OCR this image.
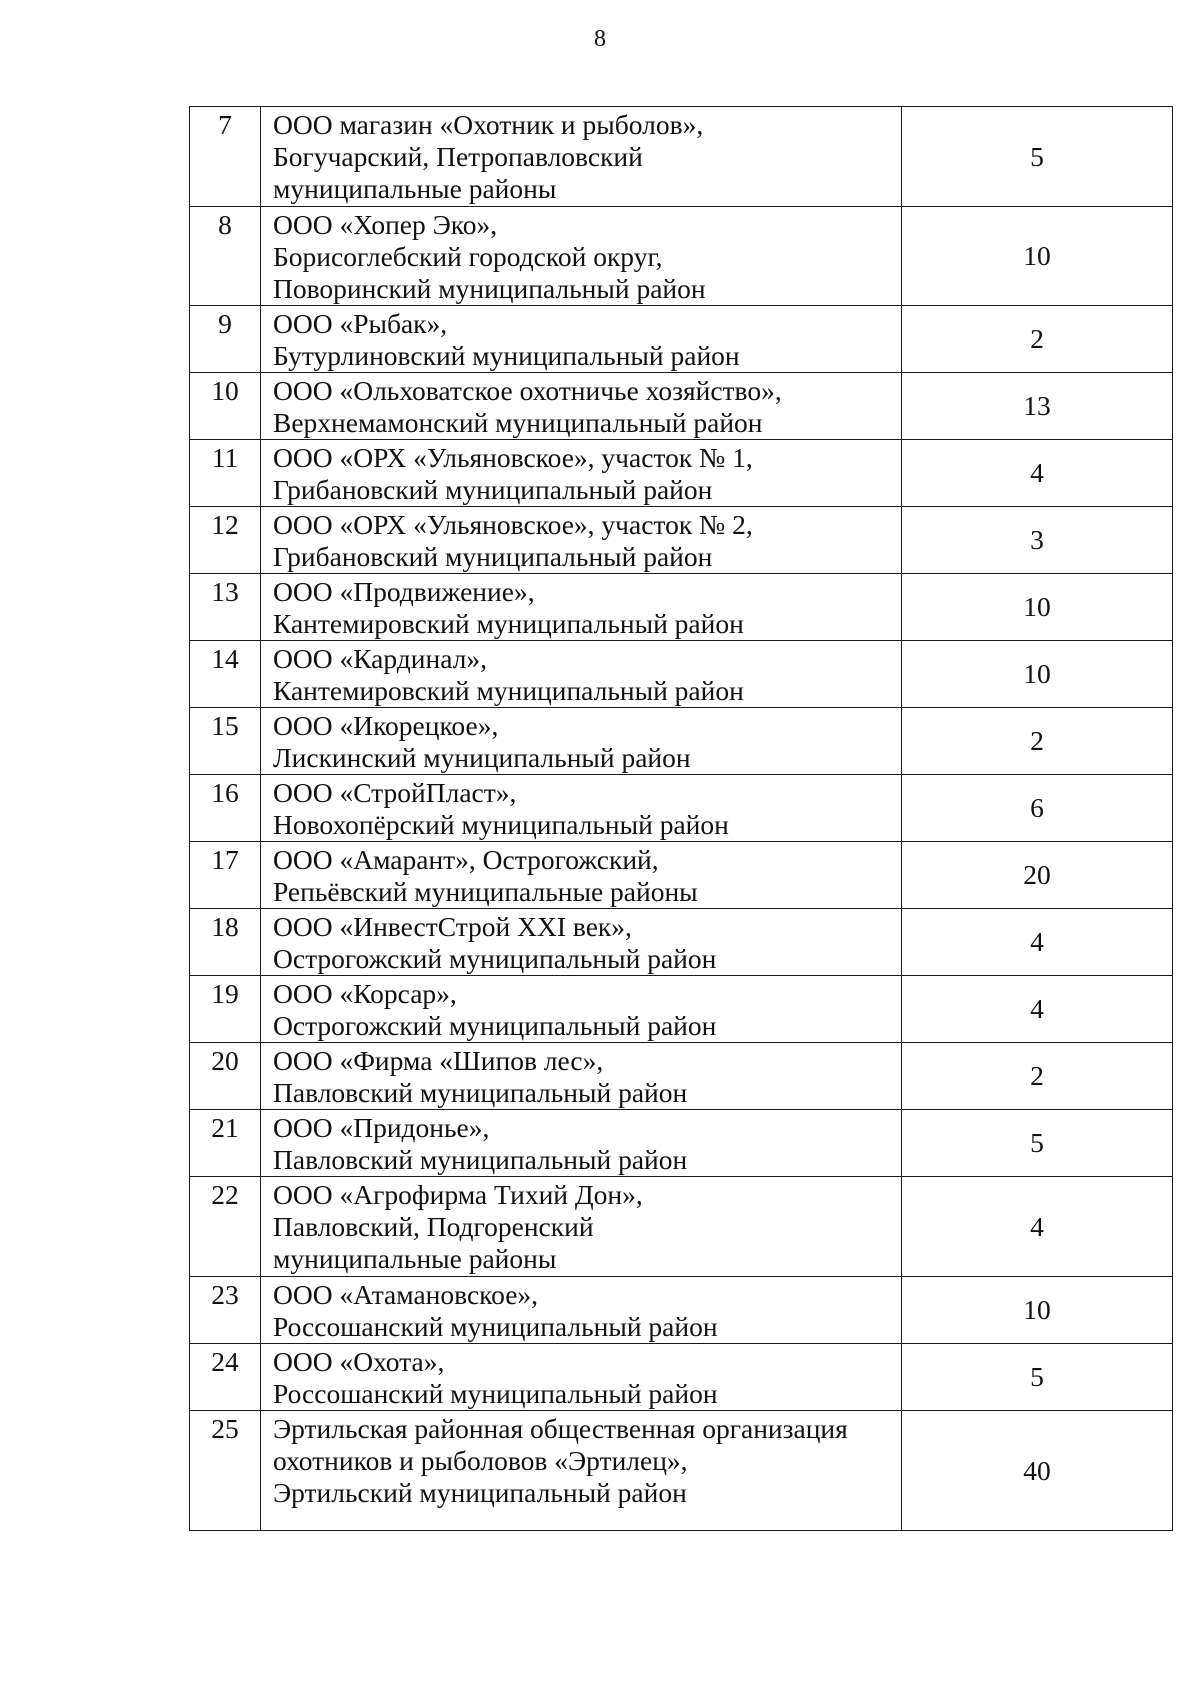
8
7	ООО магазин «Охотник и рыболов»,
Богучарский, Петропавловский
муниципальные районы	5
8	ООО «Хопер Эко»,
Борисоглебский городской округ,
Поворинский муниципальный район	10
9	ООО «Рыбак»,
Бутурлиновский муниципальный район	2
10	ООО «Ольховатское охотничье хозяйство»,
Верхнемамонский муниципальный район	13
11	ООО «ОРХ «Ульяновское», участок № 1,
Грибановский муниципальный район	4
12	ООО «ОРХ «Ульяновское», участок № 2,
Грибановский муниципальный район	3
13	ООО «Продвижение»,
Кантемировский муниципальный район	10
14	ООО «Кардинал»,
Кантемировский муниципальный район	10
15	ООО «Икорецкое»,
Лискинский муниципальный район	2
16	ООО «СтройПласт»,
Новохопёрский муниципальный район	6
17	ООО «Амарант», Острогожский,
Репьёвский муниципальные районы	20
18	ООО «ИнвестСтрой XXI век»,
Острогожский муниципальный район	4
19	ООО «Корсар»,
Острогожский муниципальный район	4
20	ООО «Фирма «Шипов лес»,
Павловский муниципальный район	2
21	ООО «Придонье»,
Павловский муниципальный район	5
22	ООО «Агрофирма Тихий Дон»,
Павловский, Подгоренский
муниципальные районы	4
23	ООО «Атамановское»,
Россошанский муниципальный район	10
24	ООО «Охота»,
Россошанский муниципальный район	5
25	Эртильская районная общественная организация
охотников и рыболовов «Эртилец»,
Эртильский муниципальный район	40
